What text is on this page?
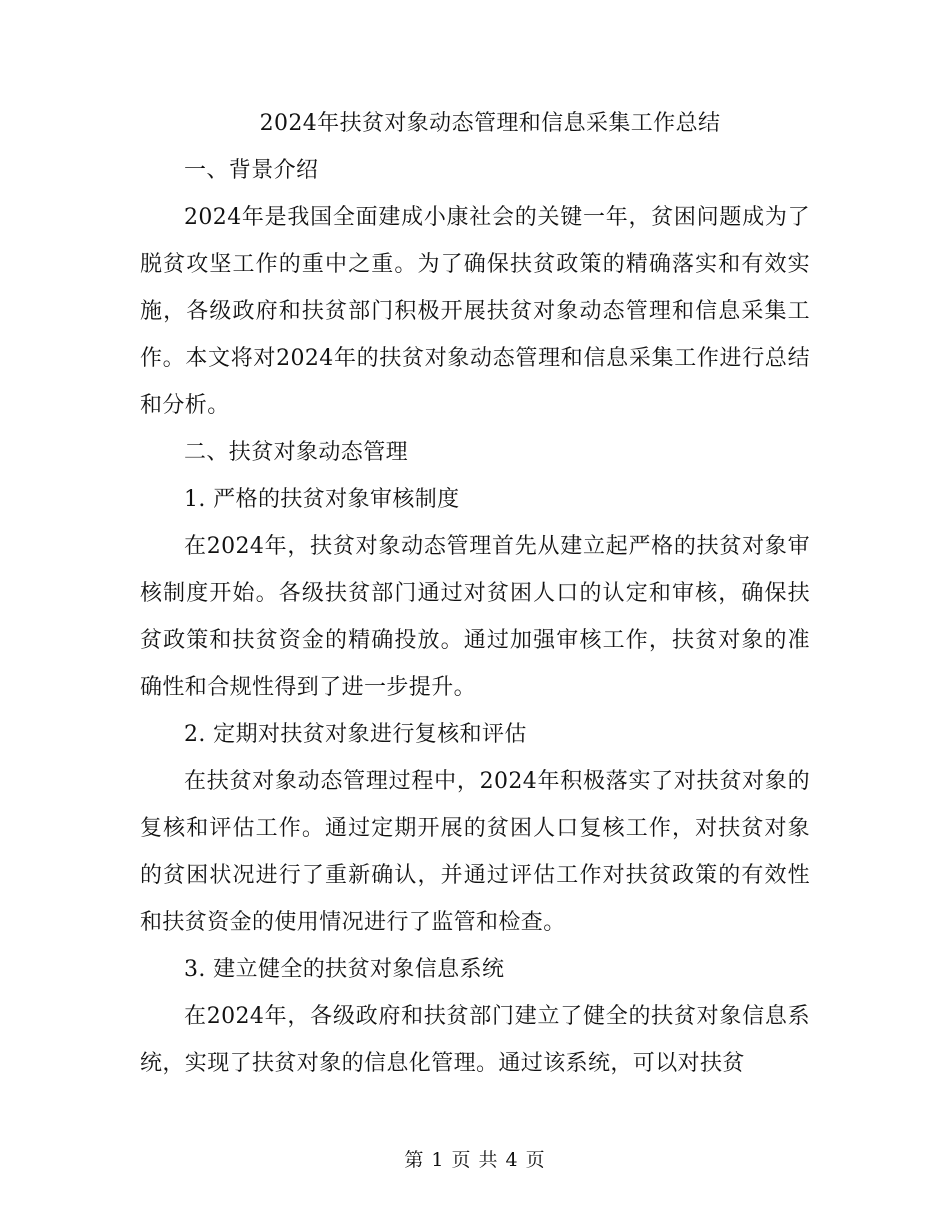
2024年扶贫对象动态管理和信息采集工作总结

一、背景介绍

2024年是我国全面建成小康社会的关键一年，贫困问题成为了脱贫攻坚工作的重中之重。为了确保扶贫政策的精确落实和有效实施，各级政府和扶贫部门积极开展扶贫对象动态管理和信息采集工作。本文将对2024年的扶贫对象动态管理和信息采集工作进行总结和分析。

二、扶贫对象动态管理

1. 严格的扶贫对象审核制度

在2024年，扶贫对象动态管理首先从建立起严格的扶贫对象审核制度开始。各级扶贫部门通过对贫困人口的认定和审核，确保扶贫政策和扶贫资金的精确投放。通过加强审核工作，扶贫对象的准确性和合规性得到了进一步提升。

2. 定期对扶贫对象进行复核和评估

在扶贫对象动态管理过程中，2024年积极落实了对扶贫对象的复核和评估工作。通过定期开展的贫困人口复核工作，对扶贫对象的贫困状况进行了重新确认，并通过评估工作对扶贫政策的有效性和扶贫资金的使用情况进行了监管和检查。

3. 建立健全的扶贫对象信息系统

在2024年，各级政府和扶贫部门建立了健全的扶贫对象信息系统，实现了扶贫对象的信息化管理。通过该系统，可以对扶贫

第 1 页 共 4 页
